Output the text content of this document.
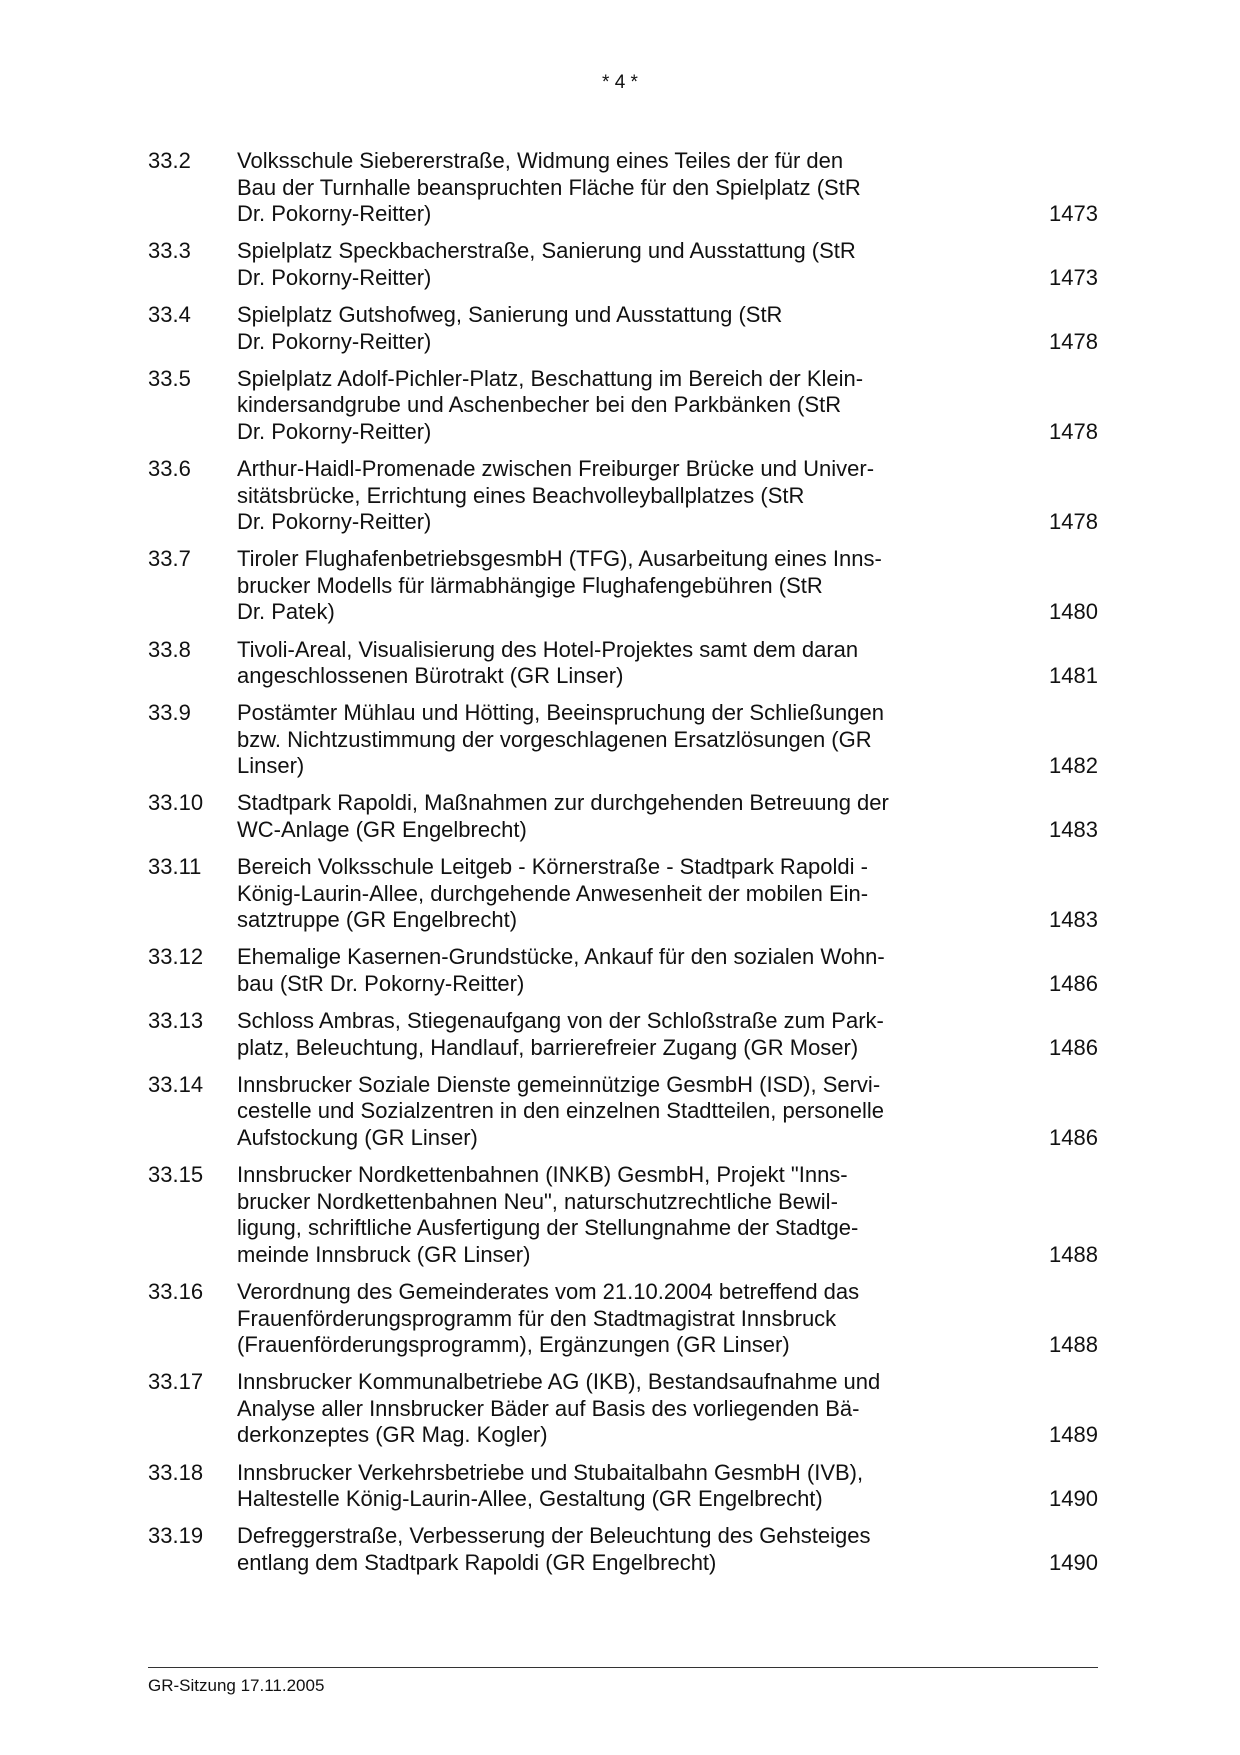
* 4 *
33.2	Volksschule Siebererstraße, Widmung eines Teiles der für den
Bau der Turnhalle beanspruchten Fläche für den Spielplatz (StR
Dr. Pokorny-Reitter)	1473
33.3	Spielplatz Speckbacherstraße, Sanierung und Ausstattung (StR
Dr. Pokorny-Reitter)	1473
33.4	Spielplatz Gutshofweg, Sanierung und Ausstattung (StR
Dr. Pokorny-Reitter)	1478
33.5	Spielplatz Adolf-Pichler-Platz, Beschattung im Bereich der Klein-
kindersandgrube und Aschenbecher bei den Parkbänken (StR
Dr. Pokorny-Reitter)	1478
33.6	Arthur-Haidl-Promenade zwischen Freiburger Brücke und Univer-
sitätsbrücke, Errichtung eines Beachvolleyballplatzes (StR
Dr. Pokorny-Reitter)	1478
33.7	Tiroler FlughafenbetriebsgesmbH (TFG), Ausarbeitung eines Inns-
brucker Modells für lärmabhängige Flughafengebühren (StR
Dr. Patek)	1480
33.8	Tivoli-Areal, Visualisierung des Hotel-Projektes samt dem daran
angeschlossenen Bürotrakt (GR Linser)	1481
33.9	Postämter Mühlau und Hötting, Beeinspruchung der Schließungen
bzw. Nichtzustimmung der vorgeschlagenen Ersatzlösungen (GR
Linser)	1482
33.10	Stadtpark Rapoldi, Maßnahmen zur durchgehenden Betreuung der
WC-Anlage (GR Engelbrecht)	1483
33.11	Bereich Volksschule Leitgeb - Körnerstraße - Stadtpark Rapoldi -
König-Laurin-Allee, durchgehende Anwesenheit der mobilen Ein-
satztruppe (GR Engelbrecht)	1483
33.12	Ehemalige Kasernen-Grundstücke, Ankauf für den sozialen Wohn-
bau (StR Dr. Pokorny-Reitter)	1486
33.13	Schloss Ambras, Stiegenaufgang von der Schloßstraße zum Park-
platz, Beleuchtung, Handlauf, barrierefreier Zugang (GR Moser)	1486
33.14	Innsbrucker Soziale Dienste gemeinnützige GesmbH (ISD), Servi-
cestelle und Sozialzentren in den einzelnen Stadtteilen, personelle
Aufstockung (GR Linser)	1486
33.15	Innsbrucker Nordkettenbahnen (INKB) GesmbH, Projekt "Inns-
brucker Nordkettenbahnen Neu", naturschutzrechtliche Bewil-
ligung, schriftliche Ausfertigung der Stellungnahme der Stadtge-
meinde Innsbruck (GR Linser)	1488
33.16	Verordnung des Gemeinderates vom 21.10.2004 betreffend das
Frauenförderungsprogramm für den Stadtmagistrat Innsbruck
(Frauenförderungsprogramm), Ergänzungen (GR Linser)	1488
33.17	Innsbrucker Kommunalbetriebe AG (IKB), Bestandsaufnahme und
Analyse aller Innsbrucker Bäder auf Basis des vorliegenden Bä-
derkonzeptes (GR Mag. Kogler)	1489
33.18	Innsbrucker Verkehrsbetriebe und Stubaitalbahn GesmbH (IVB),
Haltestelle König-Laurin-Allee, Gestaltung (GR Engelbrecht)	1490
33.19	Defreggerstraße, Verbesserung der Beleuchtung des Gehsteiges
entlang dem Stadtpark Rapoldi (GR Engelbrecht)	1490
GR-Sitzung 17.11.2005
